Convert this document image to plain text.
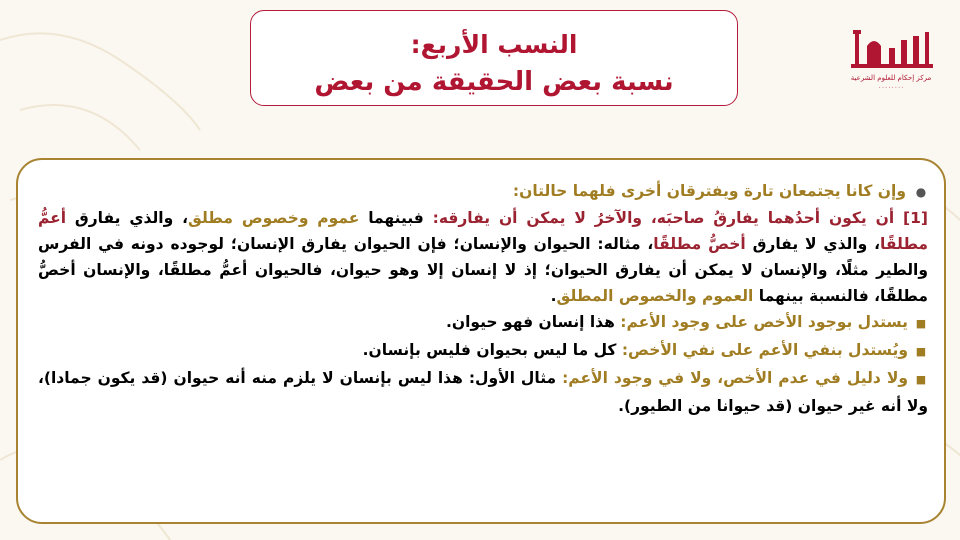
النسب الأربع:
نسبة بعض الحقيقة من بعض	مركز إحكام للعلوم الشرعية
٠٠٠٠٠٠٠٠

●وإن كانا يجتمعان تارة ويفترقان أخرى فلهما حالتان:

[1] أن يكون أحدُهما يفارقُ صاحبَه، والآخرُ لا يمكن أن يفارقه: فبينهما عموم وخصوص مطلق، والذي يفارق أعمُّ مطلقًا، والذي لا يفارق أخصُّ مطلقًا، مثاله: الحيوان والإنسان؛ فإن الحيوان يفارق الإنسان؛ لوجوده دونه في الفرس والطير مثلًا، والإنسان لا يمكن أن يفارق الحيوان؛ إذ لا إنسان إلا وهو حيوان، فالحيوان أعمُّ مطلقًا، والإنسان أخصُّ مطلقًا، فالنسبة بينهما العموم والخصوص المطلق.

■يستدل بوجود الأخص على وجود الأعم: هذا إنسان فهو حيوان.

■ويُستدل بنفي الأعم على نفي الأخص: كل ما ليس بحيوان فليس بإنسان.

■ولا دليل في عدم الأخص، ولا في وجود الأعم: مثال الأول: هذا ليس بإنسان لا يلزم منه أنه حيوان (قد يكون جمادا)، ولا أنه غير حيوان (قد حيوانا من الطيور).
